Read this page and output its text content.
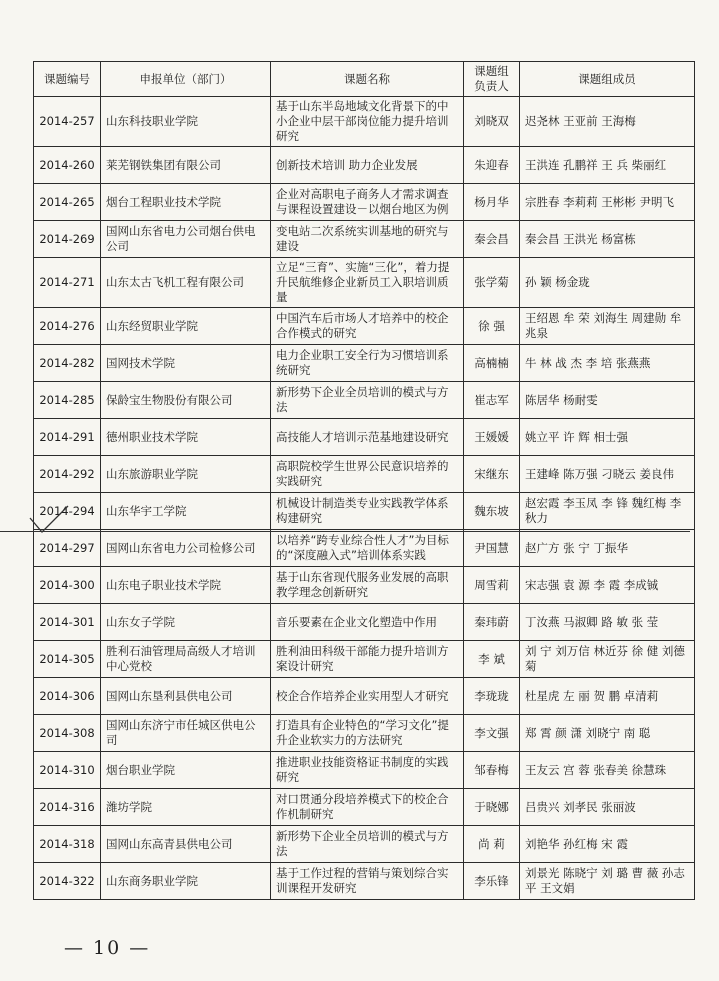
课题编号	申报单位（部门）	课题名称	课题组负责人	课题组成员
2014-257	山东科技职业学院	基于山东半岛地域文化背景下的中小企业中层干部岗位能力提升培训研究	刘晓双	迟尧林 王亚前 王海梅
2014-260	莱芜钢铁集团有限公司	创新技术培训 助力企业发展	朱迎春	王洪连 孔鹏祥 王 兵 柴丽红
2014-265	烟台工程职业技术学院	企业对高职电子商务人才需求调查与课程设置建设－以烟台地区为例	杨月华	宗胜春 李莉莉 王彬彬 尹明飞
2014-269	国网山东省电力公司烟台供电公司	变电站二次系统实训基地的研究与建设	秦会昌	秦会昌 王洪光 杨富栋
2014-271	山东太古飞机工程有限公司	立足“三育”、实施“三化”，着力提升民航维修企业新员工入职培训质量	张学菊	孙 颖 杨金珑
2014-276	山东经贸职业学院	中国汽车后市场人才培养中的校企合作模式的研究	徐 强	王绍恩 牟 荣 刘海生 周建勋 牟兆泉
2014-282	国网技术学院	电力企业职工安全行为习惯培训系统研究	高楠楠	牛 林 战 杰 李 培 张燕燕
2014-285	保龄宝生物股份有限公司	新形势下企业全员培训的模式与方法	崔志军	陈居华 杨耐雯
2014-291	德州职业技术学院	高技能人才培训示范基地建设研究	王媛媛	姚立平 许 辉 相士强
2014-292	山东旅游职业学院	高职院校学生世界公民意识培养的实践研究	宋继东	王建峰 陈万强 刁晓云 姜良伟
2014-294	山东华宇工学院	机械设计制造类专业实践教学体系构建研究	魏东坡	赵宏霞 李玉凤 李 锋 魏红梅 李秋力
2014-297	国网山东省电力公司检修公司	以培养“跨专业综合性人才”为目标的“深度融入式”培训体系实践	尹国慧	赵广方 张 宁 丁振华
2014-300	山东电子职业技术学院	基于山东省现代服务业发展的高职教学理念创新研究	周雪莉	宋志强 袁 源 李 霞 李成铖
2014-301	山东女子学院	音乐要素在企业文化塑造中作用	秦玮蔚	丁汝燕 马淑卿 路 敏 张 莹
2014-305	胜利石油管理局高级人才培训中心党校	胜利油田科级干部能力提升培训方案设计研究	李 斌	刘 宁 刘万信 林近芬 徐 健 刘德菊
2014-306	国网山东垦利县供电公司	校企合作培养企业实用型人才研究	李珑珑	杜星虎 左 丽 贺 鹏 卓清莉
2014-308	国网山东济宁市任城区供电公司	打造具有企业特色的“学习文化”提升企业软实力的方法研究	李文强	郑 霄 颜 潇 刘晓宁 南 聪
2014-310	烟台职业学院	推进职业技能资格证书制度的实践研究	邹春梅	王友云 宫 蓉 张春美 徐慧珠
2014-316	潍坊学院	对口贯通分段培养模式下的校企合作机制研究	于晓娜	吕贵兴 刘孝民 张丽波
2014-318	国网山东高青县供电公司	新形势下企业全员培训的模式与方法	尚 莉	刘艳华 孙红梅 宋 霞
2014-322	山东商务职业学院	基于工作过程的营销与策划综合实训课程开发研究	李乐锋	刘景光 陈晓宁 刘 璐 曹 薇 孙志平 王文娟
— 10 —
